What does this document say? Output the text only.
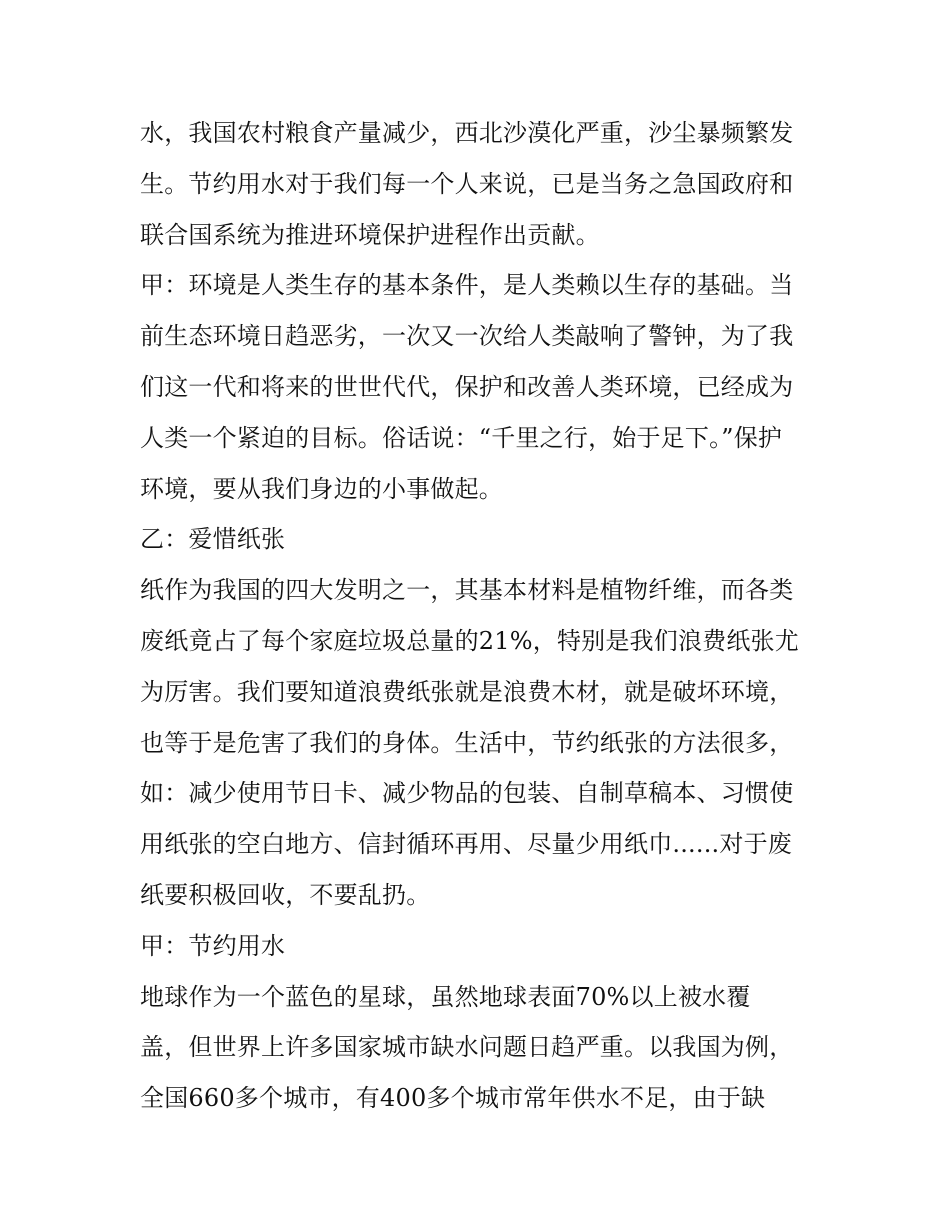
水，我国农村粮食产量减少，西北沙漠化严重，沙尘暴频繁发
生。节约用水对于我们每一个人来说，已是当务之急国政府和
联合国系统为推进环境保护进程作出贡献。
甲：环境是人类生存的基本条件，是人类赖以生存的基础。当
前生态环境日趋恶劣，一次又一次给人类敲响了警钟，为了我
们这一代和将来的世世代代，保护和改善人类环境，已经成为
人类一个紧迫的目标。俗话说：“千里之行，始于足下。”保护
环境，要从我们身边的小事做起。
乙：爱惜纸张
纸作为我国的四大发明之一，其基本材料是植物纤维，而各类
废纸竟占了每个家庭垃圾总量的21%，特别是我们浪费纸张尤
为厉害。我们要知道浪费纸张就是浪费木材，就是破坏环境，
也等于是危害了我们的身体。生活中，节约纸张的方法很多，
如：减少使用节日卡、减少物品的包装、自制草稿本、习惯使
用纸张的空白地方、信封循环再用、尽量少用纸巾......对于废
纸要积极回收，不要乱扔。
甲：节约用水
地球作为一个蓝色的星球，虽然地球表面70%以上被水覆
盖，但世界上许多国家城市缺水问题日趋严重。以我国为例，
全国660多个城市，有400多个城市常年供水不足，由于缺
